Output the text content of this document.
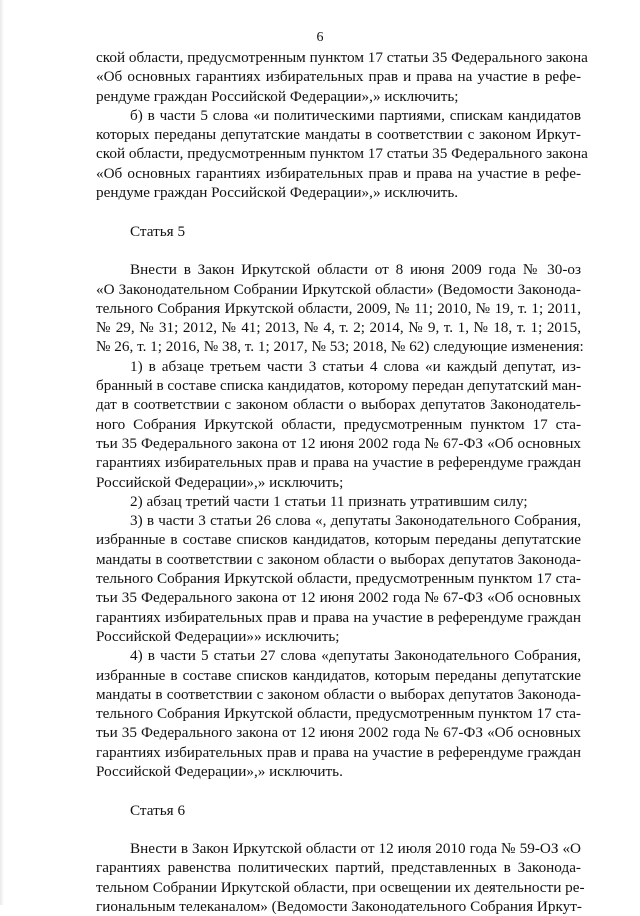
6
ской области, предусмотренным пунктом 17 статьи 35 Федерального закона
«Об основных гарантиях избирательных прав и права на участие в рефе-
рендуме граждан Российской Федерации»,» исключить;
б) в части 5 слова «и политическими партиями, спискам кандидатов
которых переданы депутатские мандаты в соответствии с законом Иркут-
ской области, предусмотренным пунктом 17 статьи 35 Федерального закона
«Об основных гарантиях избирательных прав и права на участие в рефе-
рендуме граждан Российской Федерации»,» исключить.
Статья 5
Внести в Закон Иркутской области от 8 июня 2009 года № 30-оз
«О Законодательном Собрании Иркутской области» (Ведомости Законода-
тельного Собрания Иркутской области, 2009, № 11; 2010, № 19, т. 1; 2011,
№ 29, № 31; 2012, № 41; 2013, № 4, т. 2; 2014, № 9, т. 1, № 18, т. 1; 2015,
№ 26, т. 1; 2016, № 38, т. 1; 2017, № 53; 2018, № 62) следующие изменения:
1) в абзаце третьем части 3 статьи 4 слова «и каждый депутат, из-
бранный в составе списка кандидатов, которому передан депутатский ман-
дат в соответствии с законом области о выборах депутатов Законодатель-
ного Собрания Иркутской области, предусмотренным пунктом 17 ста-
тьи 35 Федерального закона от 12 июня 2002 года № 67-ФЗ «Об основных
гарантиях избирательных прав и права на участие в референдуме граждан
Российской Федерации»,» исключить;
2) абзац третий части 1 статьи 11 признать утратившим силу;
3) в части 3 статьи 26 слова «, депутаты Законодательного Собрания,
избранные в составе списков кандидатов, которым переданы депутатские
мандаты в соответствии с законом области о выборах депутатов Законода-
тельного Собрания Иркутской области, предусмотренным пунктом 17 ста-
тьи 35 Федерального закона от 12 июня 2002 года № 67-ФЗ «Об основных
гарантиях избирательных прав и права на участие в референдуме граждан
Российской Федерации»» исключить;
4) в части 5 статьи 27 слова «депутаты Законодательного Собрания,
избранные в составе списков кандидатов, которым переданы депутатские
мандаты в соответствии с законом области о выборах депутатов Законода-
тельного Собрания Иркутской области, предусмотренным пунктом 17 ста-
тьи 35 Федерального закона от 12 июня 2002 года № 67-ФЗ «Об основных
гарантиях избирательных прав и права на участие в референдуме граждан
Российской Федерации»,» исключить.
Статья 6
Внести в Закон Иркутской области от 12 июля 2010 года № 59-ОЗ «О
гарантиях равенства политических партий, представленных в Законода-
тельном Собрании Иркутской области, при освещении их деятельности ре-
гиональным телеканалом» (Ведомости Законодательного Собрания Иркут-
